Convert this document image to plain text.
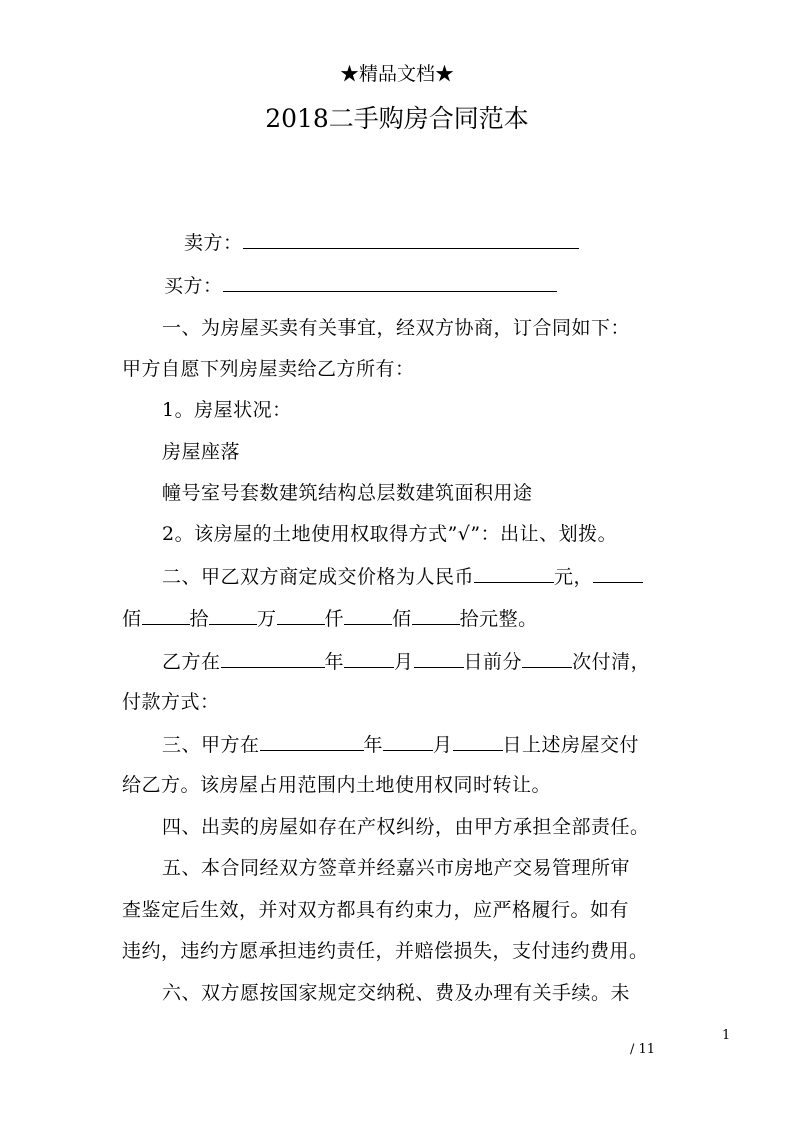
★精品文档★
2018二手购房合同范本
卖方：
买方：
一、为房屋买卖有关事宜，经双方协商，订合同如下：
甲方自愿下列房屋卖给乙方所有：
1。房屋状况：
房屋座落
幢号室号套数建筑结构总层数建筑面积用途
2。该房屋的土地使用权取得方式”√”：出让、划拨。
二、甲乙双方商定成交价格为人民币	元，
佰	拾	万	仟	佰	拾元整。
乙方在	年	月	日前分	次付清，
付款方式：
三、甲方在	年	月	日上述房屋交付
给乙方。该房屋占用范围内土地使用权同时转让。
四、出卖的房屋如存在产权纠纷，由甲方承担全部责任。
五、本合同经双方签章并经嘉兴市房地产交易管理所审
查鉴定后生效，并对双方都具有约束力，应严格履行。如有
违约，违约方愿承担违约责任，并赔偿损失，支付违约费用。
六、双方愿按国家规定交纳税、费及办理有关手续。未
1
/ 11
